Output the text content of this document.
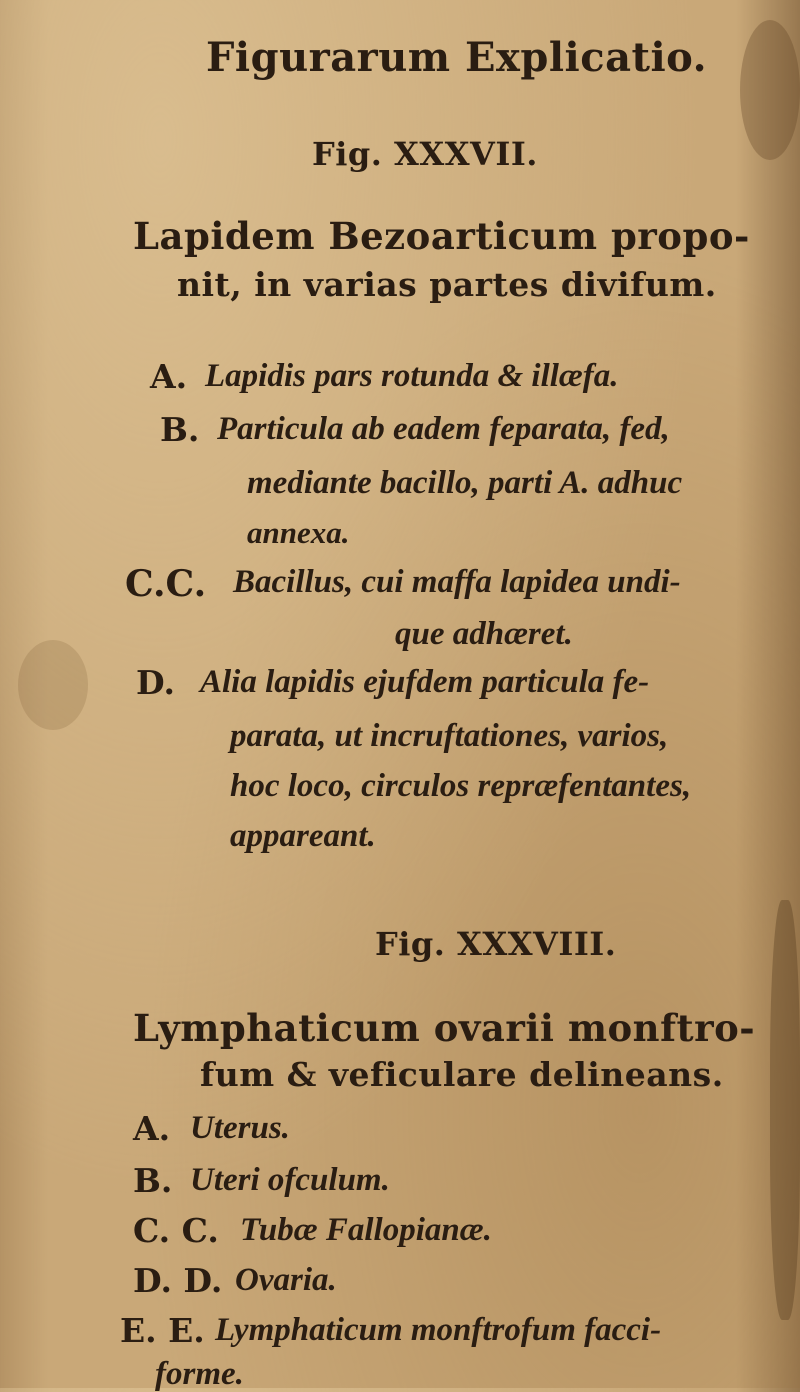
Figurarum Explicatio.
Fig. XXXVII.
Lapidem Bezoarticum propo-
nit, in varias partes divifum.
A. Lapidis pars rotunda & illæfa.
B. Particula ab eadem feparata, fed,
mediante bacillo, parti A. adhuc
annexa.
C.C. Bacillus, cui maffa lapidea undi-
que adhæret.
D. Alia lapidis ejufdem particula fe-
parata, ut incruftationes, varios,
hoc loco, circulos repræfentantes,
appareant.
Fig. XXXVIII.
Lymphaticum ovarii monftro-
fum & veficulare delineans.
A. Uterus.
B. Uteri ofculum.
C. C. Tubæ Fallopianæ.
D. D. Ovaria.
E. E. Lymphaticum monftrofum facci-
forme.
